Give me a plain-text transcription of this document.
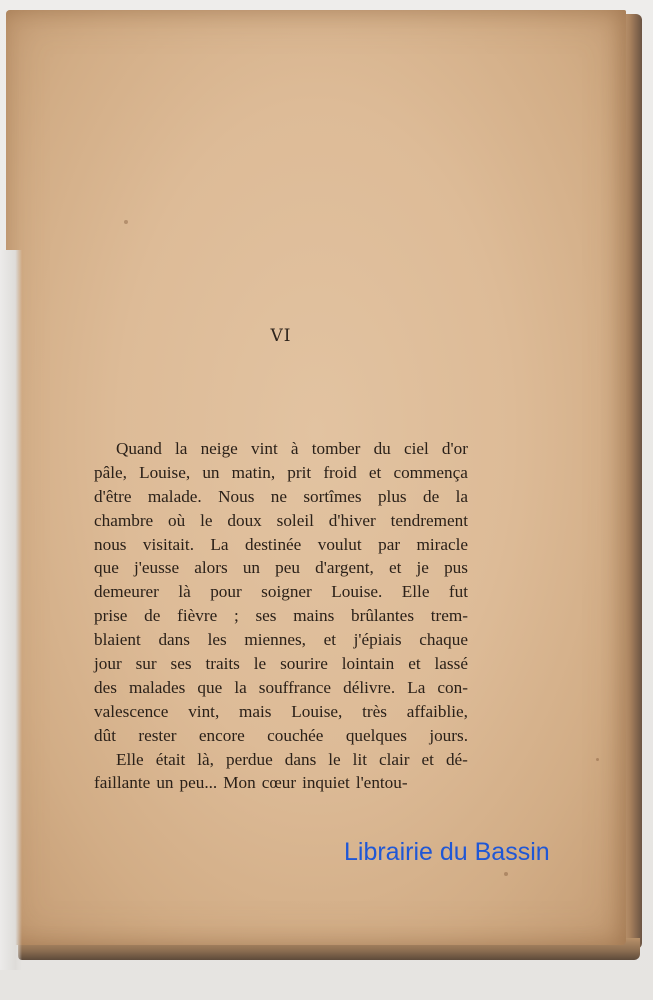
VI
Quand la neige vint à tomber du ciel d'or
pâle, Louise, un matin, prit froid et commença
d'être malade. Nous ne sortîmes plus de la
chambre où le doux soleil d'hiver tendrement
nous visitait. La destinée voulut par miracle
que j'eusse alors un peu d'argent, et je pus
demeurer là pour soigner Louise. Elle fut
prise de fièvre ; ses mains brûlantes trem-
blaient dans les miennes, et j'épiais chaque
jour sur ses traits le sourire lointain et lassé
des malades que la souffrance délivre. La con-
valescence vint, mais Louise, très affaiblie,
dût rester encore couchée quelques jours.
Elle était là, perdue dans le lit clair et dé-
faillante un peu... Mon cœur inquiet l'entou-
Librairie du Bassin
